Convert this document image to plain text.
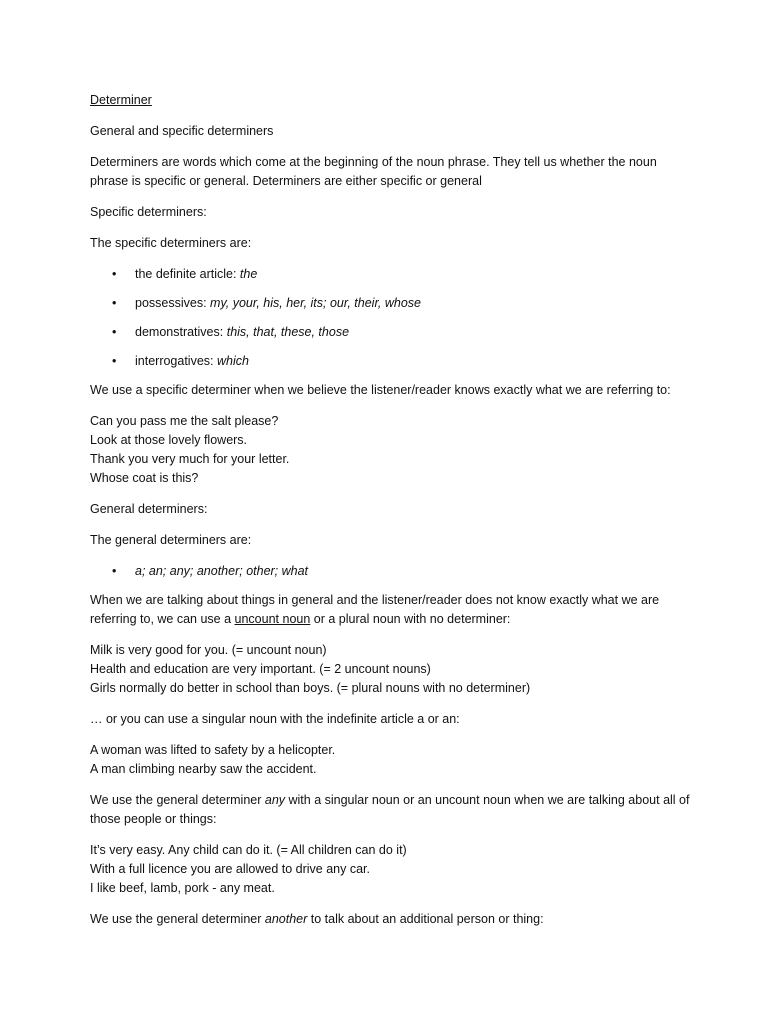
Determiner

General and specific determiners

Determiners are words which come at the beginning of the noun phrase. They tell us whether the noun phrase is specific or general. Determiners are either specific or general

Specific determiners:

The specific determiners are:

• the definite article: the
• possessives: my, your, his, her, its; our, their, whose
• demonstratives: this, that, these, those
• interrogatives: which

We use a specific determiner when we believe the listener/reader knows exactly what we are referring to:

Can you pass me the salt please?
Look at those lovely flowers.
Thank you very much for your letter.
Whose coat is this?

General determiners:

The general determiners are:

• a; an; any; another; other; what

When we are talking about things in general and the listener/reader does not know exactly what we are referring to, we can use a uncount noun or a plural noun with no determiner:

Milk is very good for you. (= uncount noun)
Health and education are very important. (= 2 uncount nouns)
Girls normally do better in school than boys. (= plural nouns with no determiner)

… or you can use a singular noun with the indefinite article a or an:

A woman was lifted to safety by a helicopter.
A man climbing nearby saw the accident.

We use the general determiner any with a singular noun or an uncount noun when we are talking about all of those people or things:

It’s very easy. Any child can do it. (= All children can do it)
With a full licence you are allowed to drive any car.
I like beef, lamb, pork - any meat.

We use the general determiner another to talk about an additional person or thing:
